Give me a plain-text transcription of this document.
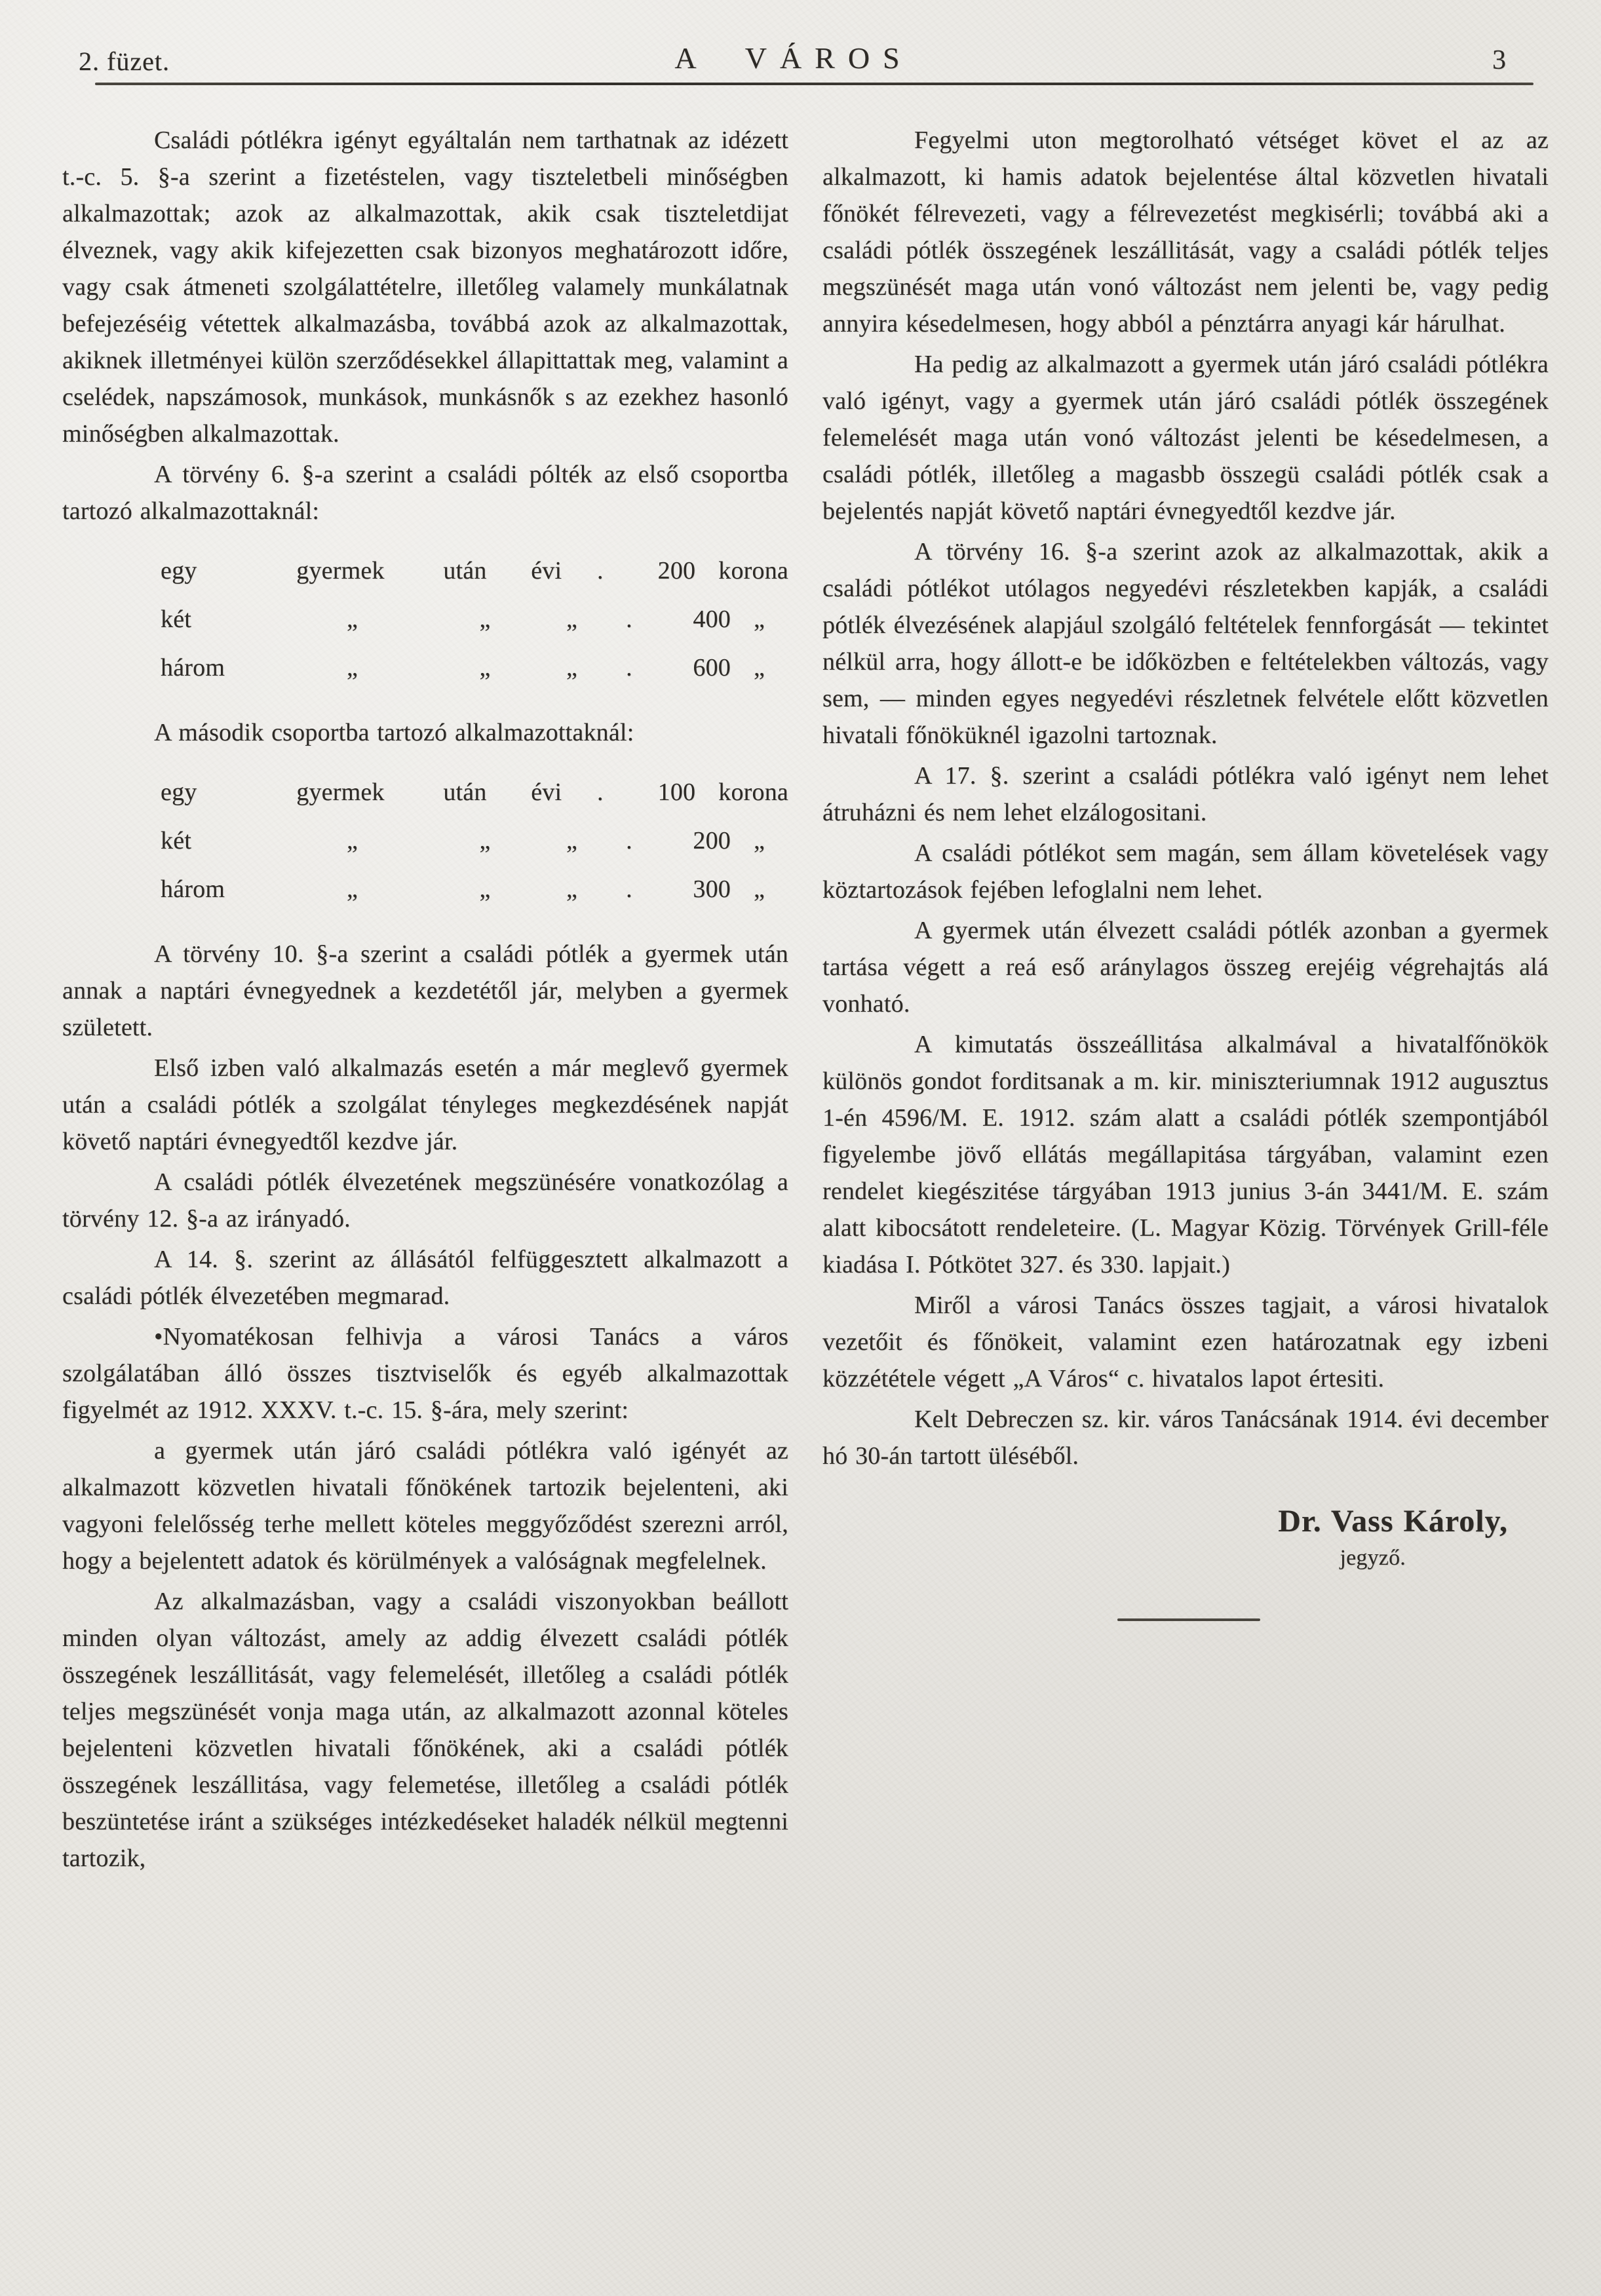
2. füzet.	A VÁROS	3

Családi pótlékra igényt egyáltalán nem tarthatnak az idézett t.-c. 5. §-a szerint a fizetéstelen, vagy tiszteletbeli minőségben alkalmazottak; azok az alkalmazottak, akik csak tiszteletdijat élveznek, vagy akik kifejezetten csak bizonyos meghatározott időre, vagy csak átmeneti szolgálattételre, illetőleg valamely munkálatnak befejezéséig vétettek alkalmazásba, továbbá azok az alkalmazottak, akiknek illetményei külön szerződésekkel állapittattak meg, valamint a cselédek, napszámosok, munkások, munkásnők s az ezekhez hasonló minőségben alkalmazottak.

A törvény 6. §-a szerint a családi pólték az első csoportba tartozó alkalmazottaknál:

egy	gyermek	után	évi	.	200 korona
két	„	„	„	.	400 „
három	„	„	„	.	600 „

A második csoportba tartozó alkalmazottaknál:

egy	gyermek	után	évi	.	100 korona
két	„	„	„	.	200 „
három	„	„	„	.	300 „

A törvény 10. §-a szerint a családi pótlék a gyermek után annak a naptári évnegyednek a kezdetétől jár, melyben a gyermek született.

Első izben való alkalmazás esetén a már meglevő gyermek után a családi pótlék a szolgálat tényleges megkezdésének napját követő naptári évnegyedtől kezdve jár.

A családi pótlék élvezetének megszünésére vonatkozólag a törvény 12. §-a az irányadó.

A 14. §. szerint az állásától felfüggesztett alkalmazott a családi pótlék élvezetében megmarad.

•Nyomatékosan felhivja a városi Tanács a város szolgálatában álló összes tisztviselők és egyéb alkalmazottak figyelmét az 1912. XXXV. t.-c. 15. §-ára, mely szerint:

a gyermek után járó családi pótlékra való igényét az alkalmazott közvetlen hivatali főnökének tartozik bejelenteni, aki vagyoni felelősség terhe mellett köteles meggyőződést szerezni arról, hogy a bejelentett adatok és körülmények a valóságnak megfelelnek.

Az alkalmazásban, vagy a családi viszonyokban beállott minden olyan változást, amely az addig élvezett családi pótlék összegének leszállitását, vagy felemelését, illetőleg a családi pótlék teljes megszünését vonja maga után, az alkalmazott azonnal köteles bejelenteni közvetlen hivatali főnökének, aki a családi pótlék összegének leszállitása, vagy felemetése, illetőleg a családi pótlék beszüntetése iránt a szükséges intézkedéseket haladék nélkül megtenni tartozik,

Fegyelmi uton megtorolható vétséget követ el az az alkalmazott, ki hamis adatok bejelentése által közvetlen hivatali főnökét félrevezeti, vagy a félrevezetést megkisérli; továbbá aki a családi pótlék összegének leszállitását, vagy a családi pótlék teljes megszünését maga után vonó változást nem jelenti be, vagy pedig annyira késedelmesen, hogy abból a pénztárra anyagi kár hárulhat.

Ha pedig az alkalmazott a gyermek után járó családi pótlékra való igényt, vagy a gyermek után járó családi pótlék összegének felemelését maga után vonó változást jelenti be késedelmesen, a családi pótlék, illetőleg a magasbb összegü családi pótlék csak a bejelentés napját követő naptári évnegyedtől kezdve jár.

A törvény 16. §-a szerint azok az alkalmazottak, akik a családi pótlékot utólagos negyedévi részletekben kapják, a családi pótlék élvezésének alapjául szolgáló feltételek fennforgását — tekintet nélkül arra, hogy állott-e be időközben e feltételekben változás, vagy sem, — minden egyes negyedévi részletnek felvétele előtt közvetlen hivatali főnöküknél igazolni tartoznak.

A 17. §. szerint a családi pótlékra való igényt nem lehet átruházni és nem lehet elzálogositani.

A családi pótlékot sem magán, sem állam követelések vagy köztartozások fejében lefoglalni nem lehet.

A gyermek után élvezett családi pótlék azonban a gyermek tartása végett a reá eső aránylagos összeg erejéig végrehajtás alá vonható.

A kimutatás összeállitása alkalmával a hivatalfőnökök különös gondot forditsanak a m. kir. miniszteriumnak 1912 augusztus 1-én 4596/M. E. 1912. szám alatt a családi pótlék szempontjából figyelembe jövő ellátás megállapitása tárgyában, valamint ezen rendelet kiegészitése tárgyában 1913 junius 3-án 3441/M. E. szám alatt kibocsátott rendeleteire. (L. Magyar Közig. Törvények Grill-féle kiadása I. Pótkötet 327. és 330. lapjait.)

Miről a városi Tanács összes tagjait, a városi hivatalok vezetőit és főnökeit, valamint ezen határozatnak egy izbeni közzététele végett „A Város“ c. hivatalos lapot értesiti.

Kelt Debreczen sz. kir. város Tanácsának 1914. évi december hó 30-án tartott üléséből.

Dr. Vass Károly,
jegyző.
